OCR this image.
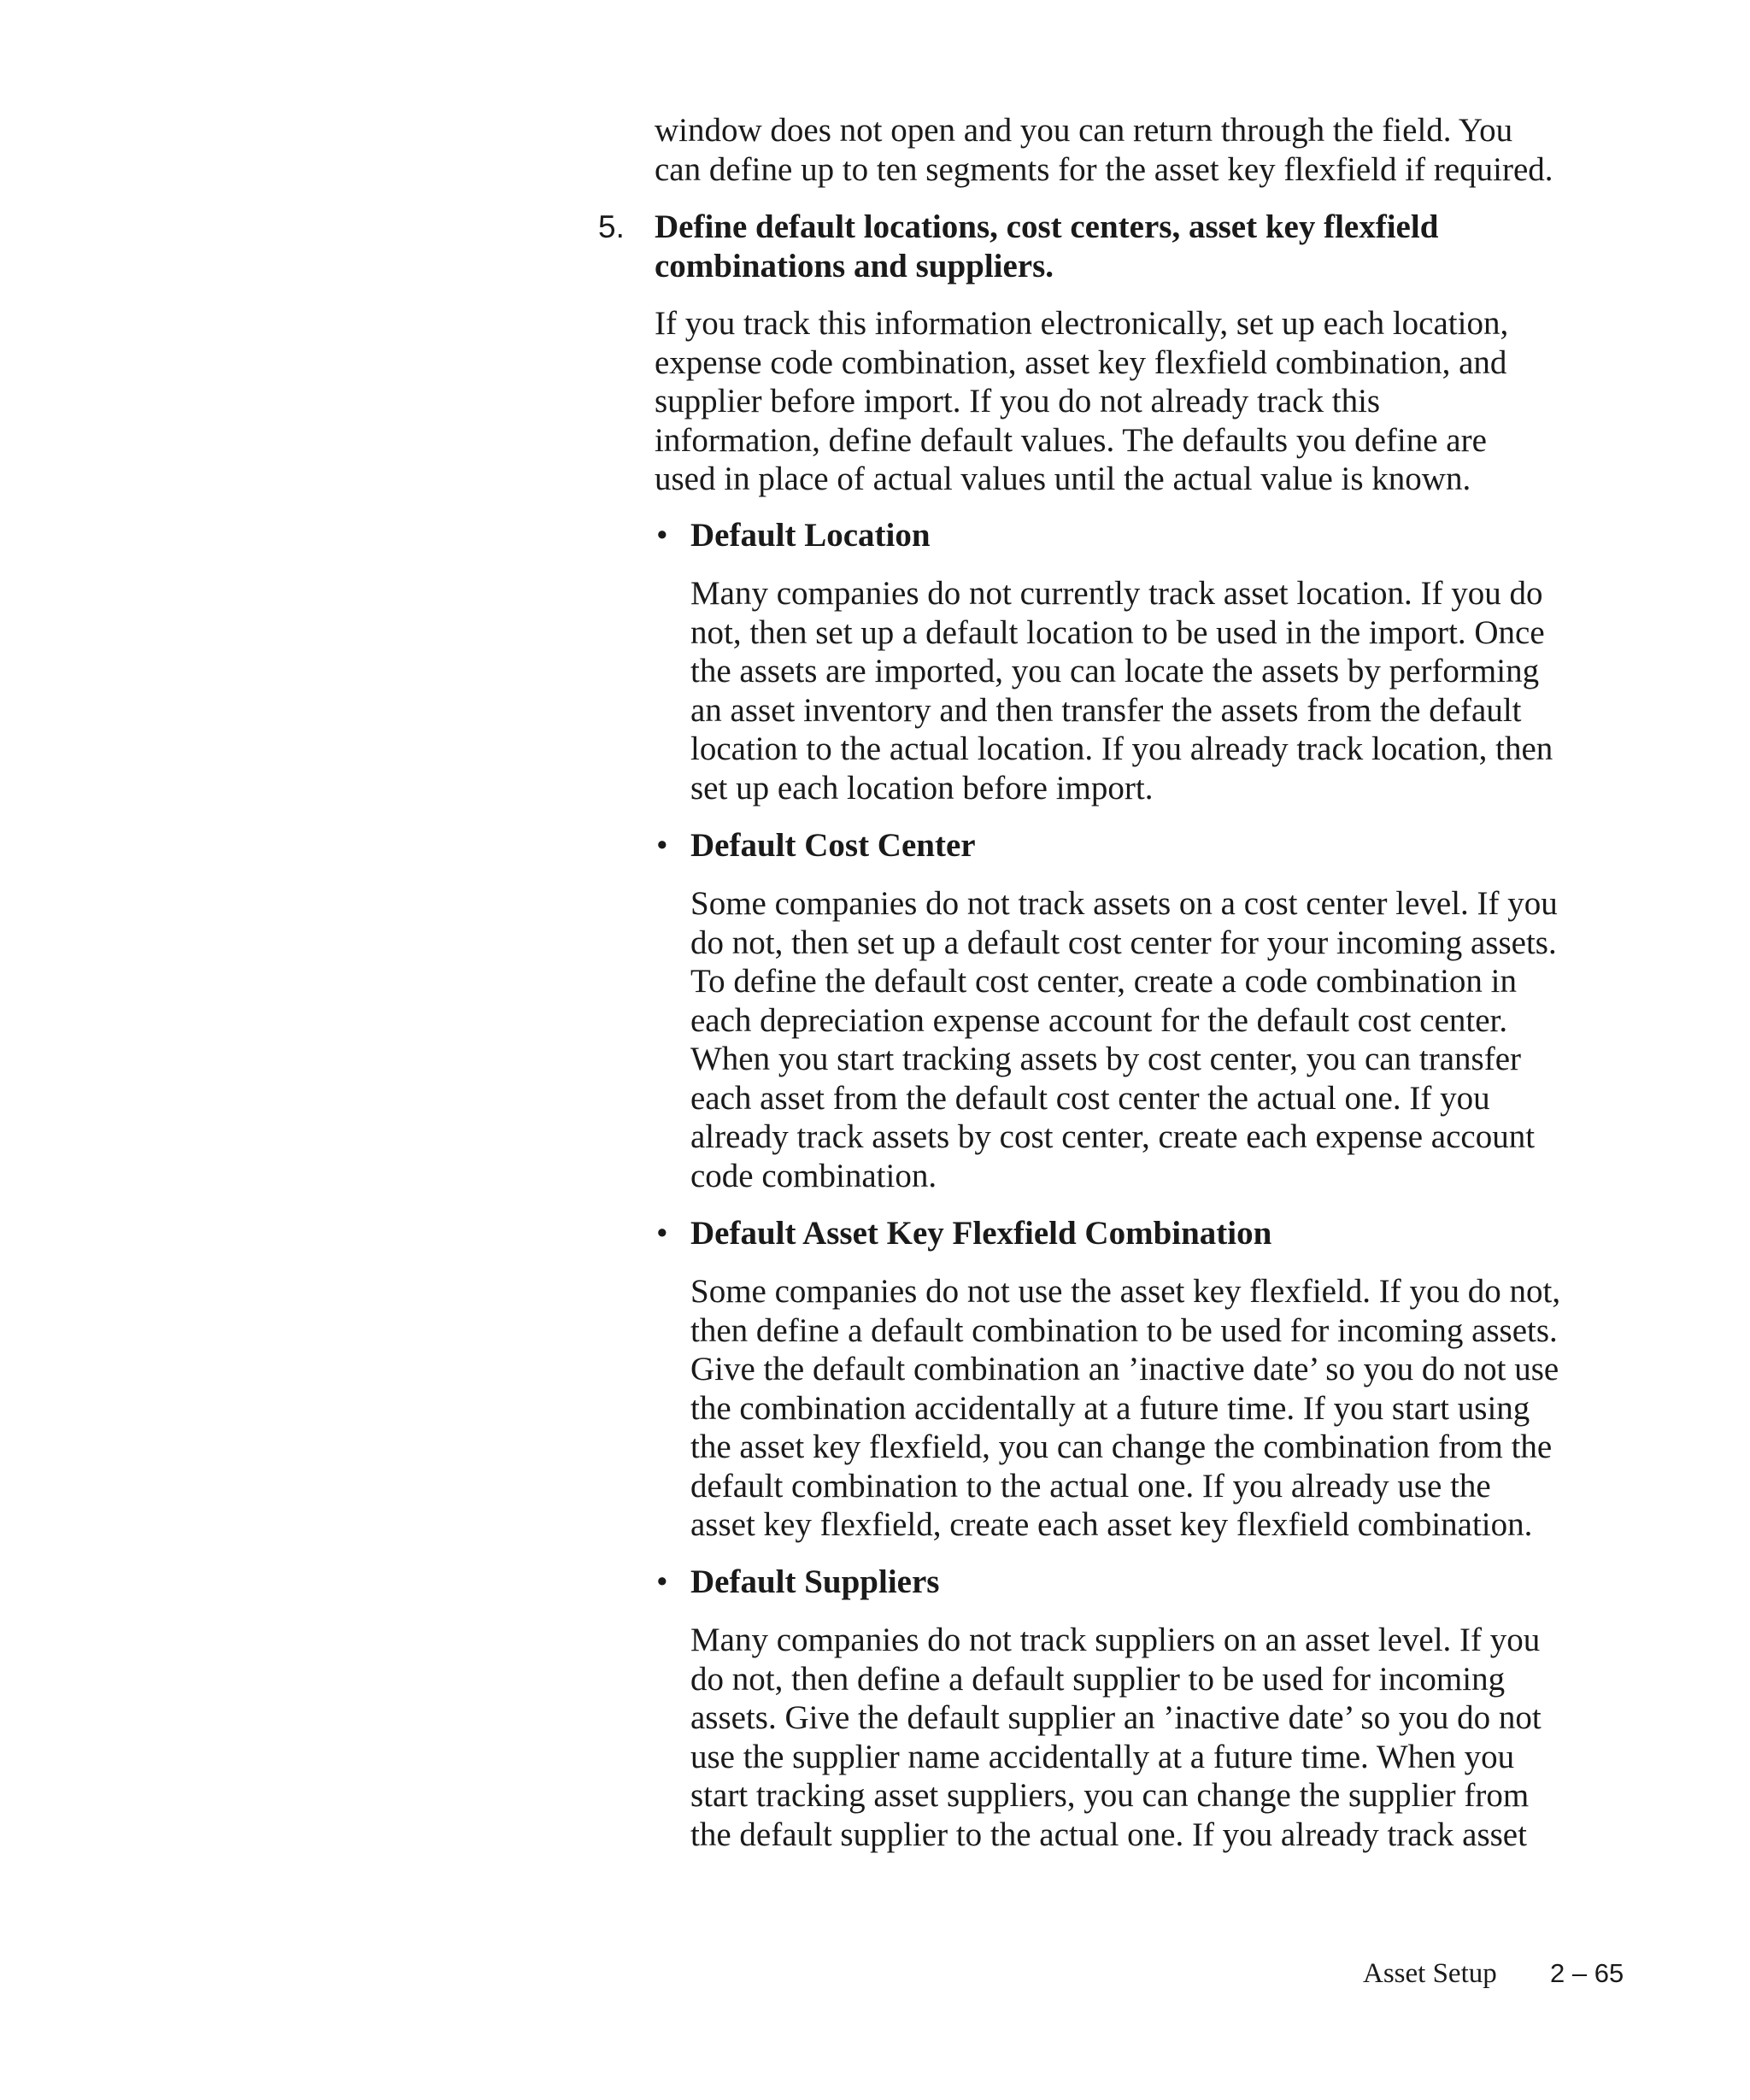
window does not open and you can return through the field. You
can define up to ten segments for the asset key flexfield if required.
5. Define default locations, cost centers, asset key flexfield
combinations and suppliers.
If you track this information electronically, set up each location,
expense code combination, asset key flexfield combination, and
supplier before import. If you do not already track this
information, define default values. The defaults you define are
used in place of actual values until the actual value is known.
• Default Location
Many companies do not currently track asset location. If you do
not, then set up a default location to be used in the import. Once
the assets are imported, you can locate the assets by performing
an asset inventory and then transfer the assets from the default
location to the actual location. If you already track location, then
set up each location before import.
• Default Cost Center
Some companies do not track assets on a cost center level. If you
do not, then set up a default cost center for your incoming assets.
To define the default cost center, create a code combination in
each depreciation expense account for the default cost center.
When you start tracking assets by cost center, you can transfer
each asset from the default cost center the actual one. If you
already track assets by cost center, create each expense account
code combination.
• Default Asset Key Flexfield Combination
Some companies do not use the asset key flexfield. If you do not,
then define a default combination to be used for incoming assets.
Give the default combination an ’inactive date’ so you do not use
the combination accidentally at a future time. If you start using
the asset key flexfield, you can change the combination from the
default combination to the actual one. If you already use the
asset key flexfield, create each asset key flexfield combination.
• Default Suppliers
Many companies do not track suppliers on an asset level. If you
do not, then define a default supplier to be used for incoming
assets. Give the default supplier an ’inactive date’ so you do not
use the supplier name accidentally at a future time. When you
start tracking asset suppliers, you can change the supplier from
the default supplier to the actual one. If you already track asset
Asset Setup 2 – 65
